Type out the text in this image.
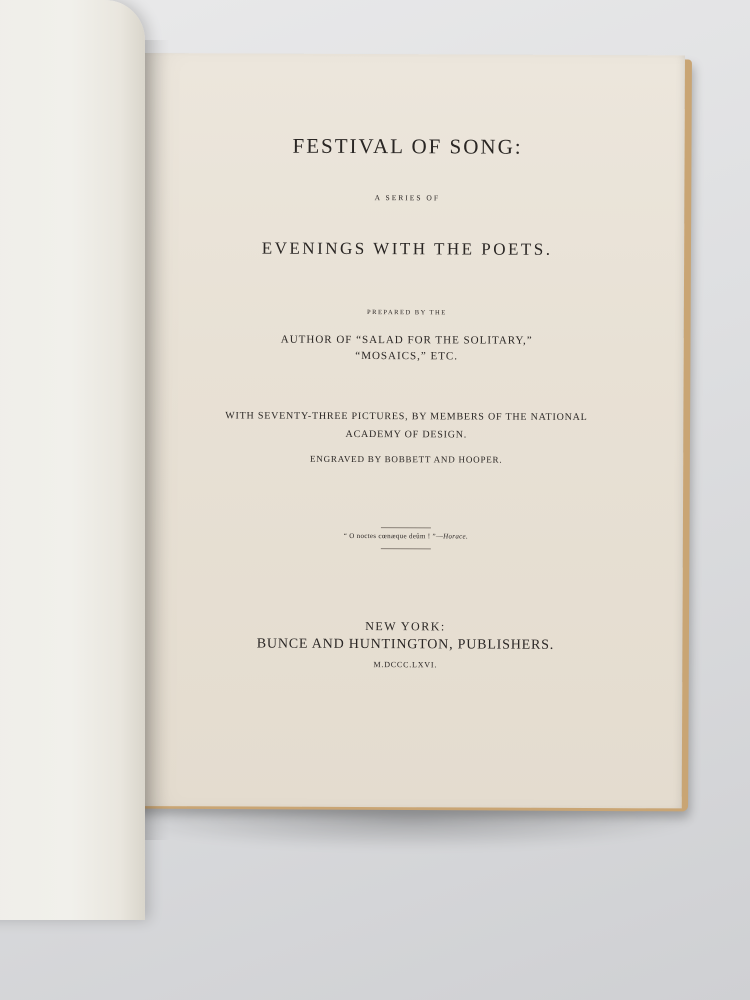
FESTIVAL OF SONG:
A SERIES OF
EVENINGS WITH THE POETS.
PREPARED BY THE
AUTHOR OF “SALAD FOR THE SOLITARY,”
“MOSAICS,” ETC.
WITH SEVENTY-THREE PICTURES, BY MEMBERS OF THE NATIONAL
ACADEMY OF DESIGN.
ENGRAVED BY BOBBETT AND HOOPER.
“ O noctes cœnæque deûm ! ”—Horace.
NEW YORK:
BUNCE AND HUNTINGTON, PUBLISHERS.
M.DCCC.LXVI.
